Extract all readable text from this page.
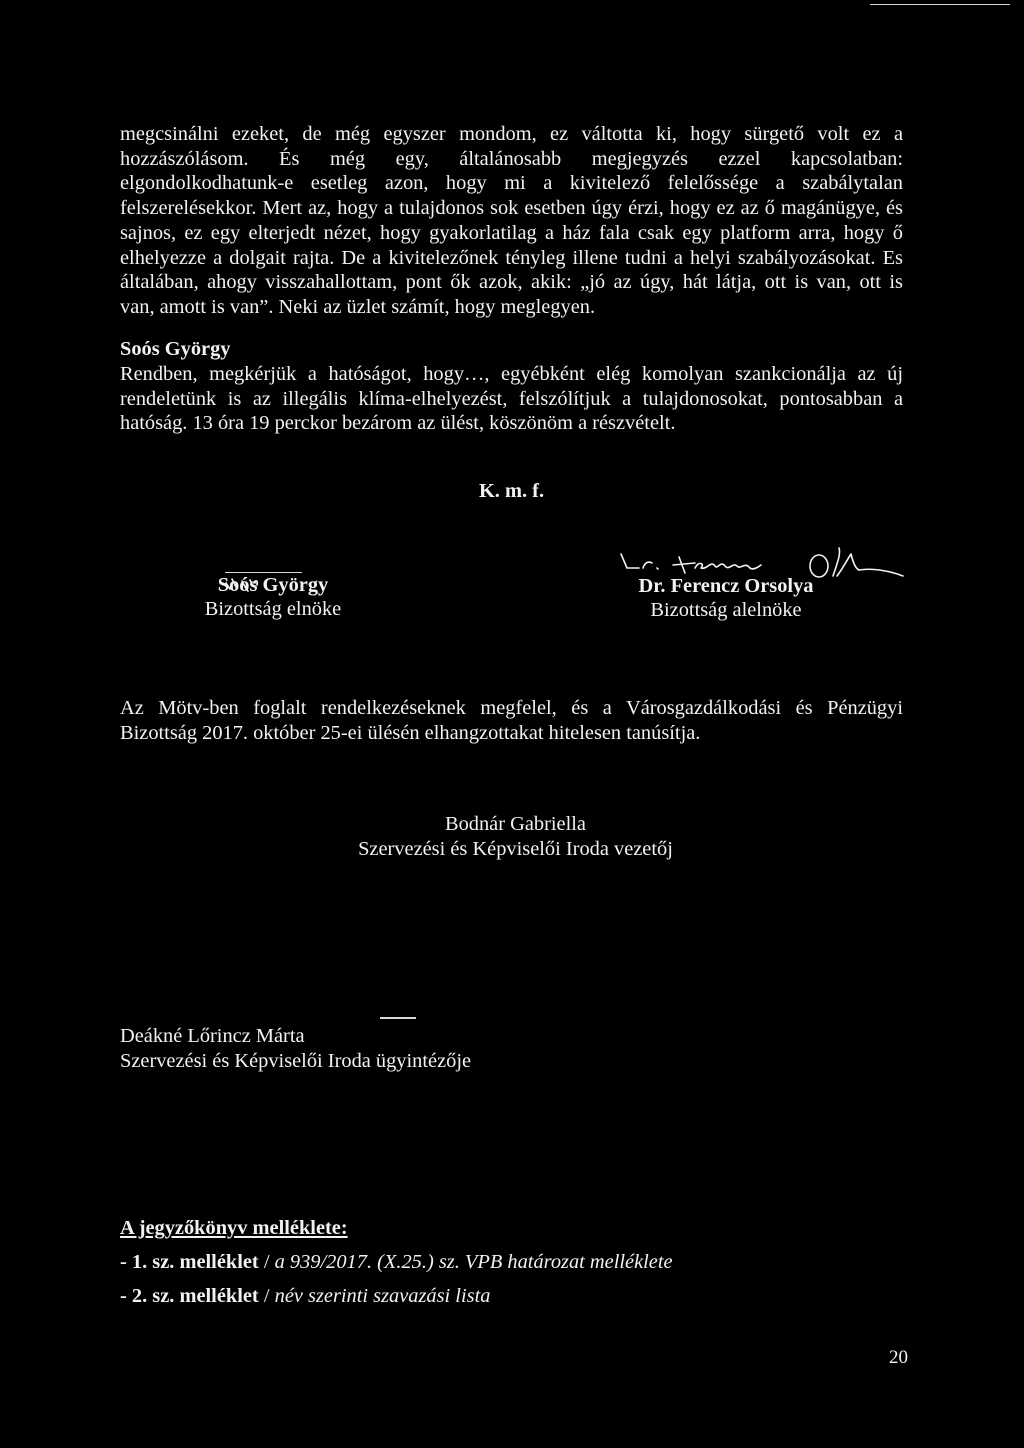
megcsinálni ezeket, de még egyszer mondom, ez váltotta ki, hogy sürgető volt ez a
hozzászólásom. És még egy, általánosabb megjegyzés ezzel kapcsolatban:
elgondolkodhatunk-e esetleg azon, hogy mi a kivitelező felelőssége a szabálytalan
felszerelésekkor. Mert az, hogy a tulajdonos sok esetben úgy érzi, hogy ez az ő magánügye, és
sajnos, ez egy elterjedt nézet, hogy gyakorlatilag a ház fala csak egy platform arra, hogy ő
elhelyezze a dolgait rajta. De a kivitelezőnek tényleg illene tudni a helyi szabályozásokat. Es
általában, ahogy visszahallottam, pont ők azok, akik: „jó az úgy, hát látja, ott is van, ott is
van, amott is van”. Neki az üzlet számít, hogy meglegyen.
Soós György
Rendben, megkérjük a hatóságot, hogy…, egyébként elég komolyan szankcionálja az új
rendeletünk is az illegális klíma-elhelyezést, felszólítjuk a tulajdonosokat, pontosabban a
hatóság. 13 óra 19 perckor bezárom az ülést, köszönöm a részvételt.
K. m. f.
Soós György
Bizottság elnöke
Dr. Ferencz Orsolya
Bizottság alelnöke
Az Mötv-ben foglalt rendelkezéseknek megfelel, és a Városgazdálkodási és Pénzügyi
Bizottság 2017. október 25-ei ülésén elhangzottakat hitelesen tanúsítja.
Bodnár Gabriella
Szervezési és Képviselői Iroda vezetőj
Deákné Lőrincz Márta
Szervezési és Képviselői Iroda ügyintézője
A jegyzőkönyv melléklete:
- 1. sz. melléklet / a 939/2017. (X.25.) sz. VPB határozat melléklete
- 2. sz. melléklet / név szerinti szavazási lista
20
